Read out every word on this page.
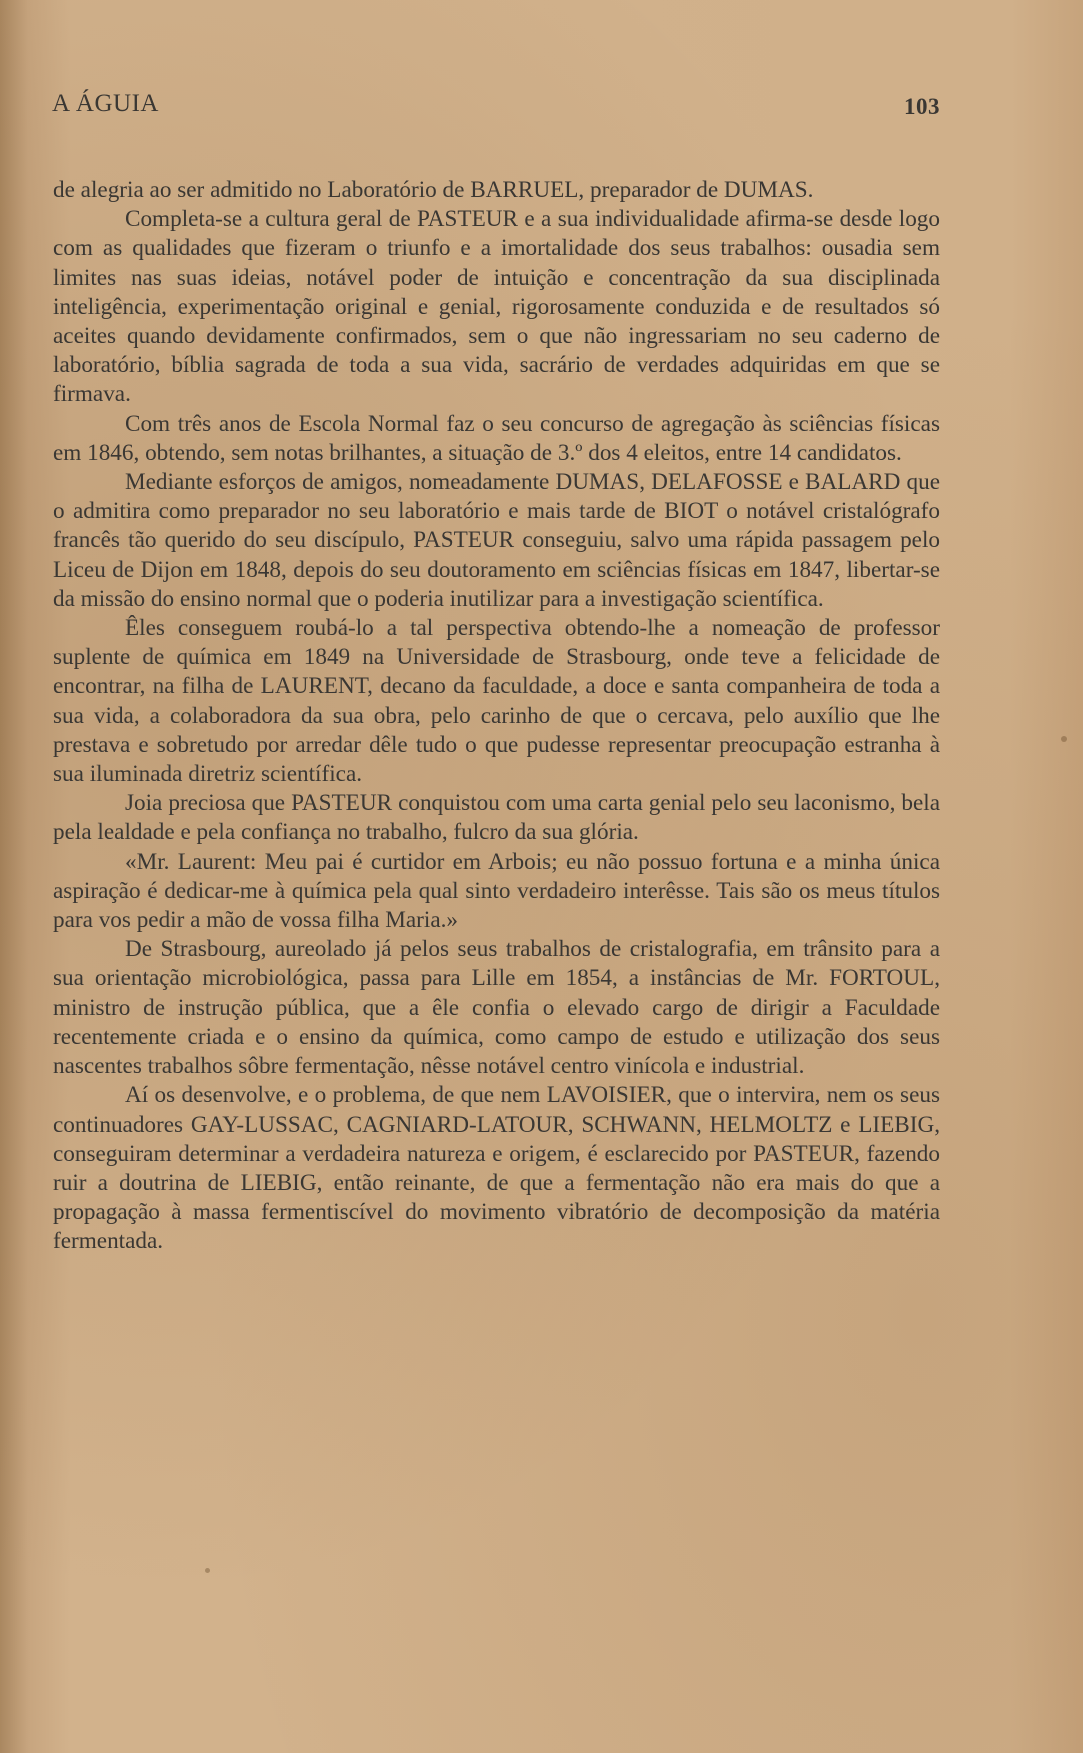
A ÁGUIA	103

de alegria ao ser admitido no Laboratório de BARRUEL, preparador de DUMAS.

Completa-se a cultura geral de PASTEUR e a sua individualidade afirma-se desde logo com as qualidades que fizeram o triunfo e a imortalidade dos seus trabalhos: ousadia sem limites nas suas ideias, notável poder de intuição e concentração da sua disciplinada inteligência, experimentação original e genial, rigorosamente conduzida e de resultados só aceites quando devidamente confirmados, sem o que não ingressariam no seu caderno de laboratório, bíblia sagrada de toda a sua vida, sacrário de verdades adquiridas em que se firmava.

Com três anos de Escola Normal faz o seu concurso de agregação às sciências físicas em 1846, obtendo, sem notas brilhantes, a situação de 3.º dos 4 eleitos, entre 14 candidatos.

Mediante esforços de amigos, nomeadamente DUMAS, DELAFOSSE e BALARD que o admitira como preparador no seu laboratório e mais tarde de BIOT o notável cristalógrafo francês tão querido do seu discípulo, PASTEUR conseguiu, salvo uma rápida passagem pelo Liceu de Dijon em 1848, depois do seu doutoramento em sciências físicas em 1847, libertar-se da missão do ensino normal que o poderia inutilizar para a investigação scientífica.

Êles conseguem roubá-lo a tal perspectiva obtendo-lhe a nomeação de professor suplente de química em 1849 na Universidade de Strasbourg, onde teve a felicidade de encontrar, na filha de LAURENT, decano da faculdade, a doce e santa companheira de toda a sua vida, a colaboradora da sua obra, pelo carinho de que o cercava, pelo auxílio que lhe prestava e sobretudo por arredar dêle tudo o que pudesse representar preocupação estranha à sua iluminada diretriz scientífica.

Joia preciosa que PASTEUR conquistou com uma carta genial pelo seu laconismo, bela pela lealdade e pela confiança no trabalho, fulcro da sua glória.

«Mr. Laurent: Meu pai é curtidor em Arbois; eu não possuo fortuna e a minha única aspiração é dedicar-me à química pela qual sinto verdadeiro interêsse. Tais são os meus títulos para vos pedir a mão de vossa filha Maria.»

De Strasbourg, aureolado já pelos seus trabalhos de cristalografia, em trânsito para a sua orientação microbiológica, passa para Lille em 1854, a instâncias de Mr. FORTOUL, ministro de instrução pública, que a êle confia o elevado cargo de dirigir a Faculdade recentemente criada e o ensino da química, como campo de estudo e utilização dos seus nascentes trabalhos sôbre fermentação, nêsse notável centro vinícola e industrial.

Aí os desenvolve, e o problema, de que nem LAVOISIER, que o intervira, nem os seus continuadores GAY-LUSSAC, CAGNIARD-LATOUR, SCHWANN, HELMOLTZ e LIEBIG, conseguiram determinar a verdadeira natureza e origem, é esclarecido por PASTEUR, fazendo ruir a doutrina de LIEBIG, então reinante, de que a fermentação não era mais do que a propagação à massa fermentiscível do movimento vibratório de decomposição da matéria fermentada.
